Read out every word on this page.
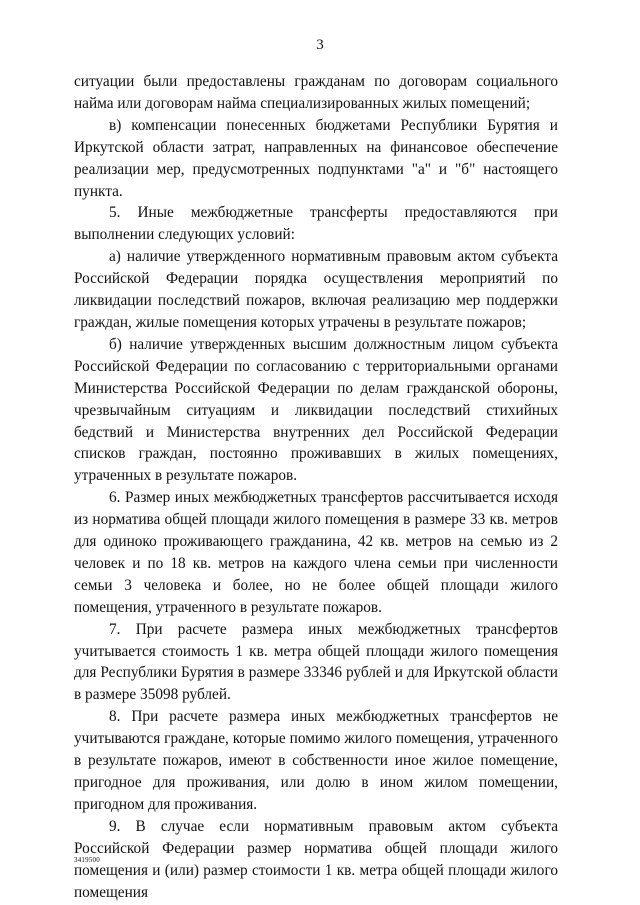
3

ситуации были предоставлены гражданам по договорам социального найма или договорам найма специализированных жилых помещений;

в) компенсации понесенных бюджетами Республики Бурятия и Иркутской области затрат, направленных на финансовое обеспечение реализации мер, предусмотренных подпунктами "а" и "б" настоящего пункта.

5. Иные межбюджетные трансферты предоставляются при выполнении следующих условий:

а) наличие утвержденного нормативным правовым актом субъекта Российской Федерации порядка осуществления мероприятий по ликвидации последствий пожаров, включая реализацию мер поддержки граждан, жилые помещения которых утрачены в результате пожаров;

б) наличие утвержденных высшим должностным лицом субъекта Российской Федерации по согласованию с территориальными органами Министерства Российской Федерации по делам гражданской обороны, чрезвычайным ситуациям и ликвидации последствий стихийных бедствий и Министерства внутренних дел Российской Федерации списков граждан, постоянно проживавших в жилых помещениях, утраченных в результате пожаров.

6. Размер иных межбюджетных трансфертов рассчитывается исходя из норматива общей площади жилого помещения в размере 33 кв. метров для одиноко проживающего гражданина, 42 кв. метров на семью из 2 человек и по 18 кв. метров на каждого члена семьи при численности семьи 3 человека и более, но не более общей площади жилого помещения, утраченного в результате пожаров.

7. При расчете размера иных межбюджетных трансфертов учитывается стоимость 1 кв. метра общей площади жилого помещения для Республики Бурятия в размере 33346 рублей и для Иркутской области в размере 35098 рублей.

8. При расчете размера иных межбюджетных трансфертов не учитываются граждане, которые помимо жилого помещения, утраченного в результате пожаров, имеют в собственности иное жилое помещение, пригодное для проживания, или долю в ином жилом помещении, пригодном для проживания.

9. В случае если нормативным правовым актом субъекта Российской Федерации размер норматива общей площади жилого помещения и (или) размер стоимости 1 кв. метра общей площади жилого помещения

3419500
